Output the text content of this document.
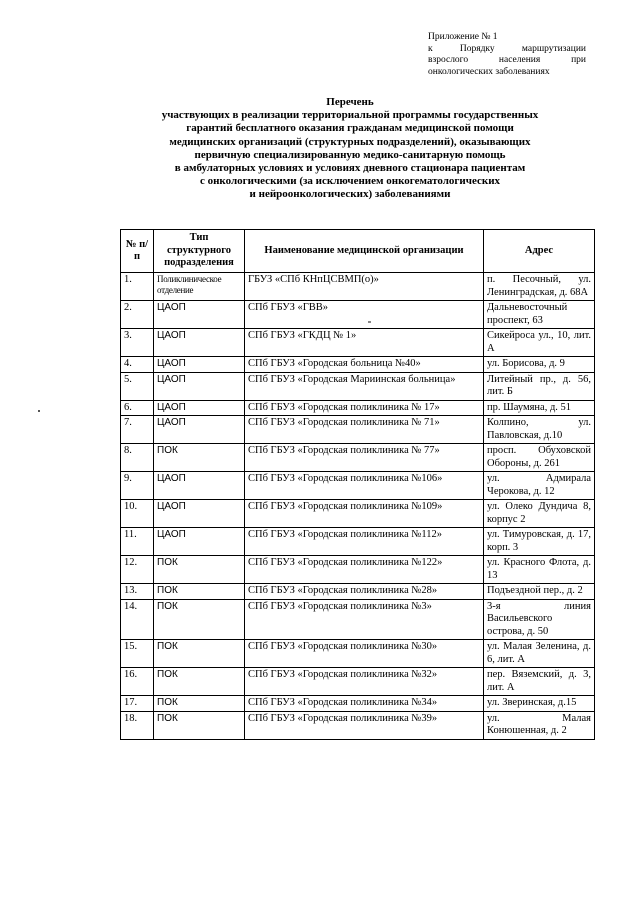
Приложение № 1
к Порядку маршрутизации
взрослого населения при
онкологических заболеваниях
Перечень
участвующих в реализации территориальной программы государственных
гарантий бесплатного оказания гражданам медицинской помощи
медицинских организаций (структурных подразделений), оказывающих
первичную специализированную медико-санитарную помощь
в амбулаторных условиях и условиях дневного стационара пациентам
с онкологическими (за исключением онкогематологических
и нейроонкологических) заболеваниями
№ п/п	Тип структурного подразделения	Наименование медицинской организации	Адрес
1.	Поликлиническое отделение	ГБУЗ «СПб КНпЦСВМП(о)»	п. Песочный, ул. Ленинградская, д. 68А
2.	ЦАОП	СПб ГБУЗ «ГВВ»	Дальневосточный проспект, 63
3.	ЦАОП	СПб ГБУЗ «ГКДЦ № 1»	Сикейроса ул., 10, лит. А
4.	ЦАОП	СПб ГБУЗ «Городская больница №40»	ул. Борисова, д. 9
5.	ЦАОП	СПб ГБУЗ «Городская Мариинская больница»	Литейный пр., д. 56, лит. Б
6.	ЦАОП	СПб ГБУЗ «Городская поликлиника № 17»	пр. Шаумяна, д. 51
7.	ЦАОП	СПб ГБУЗ «Городская поликлиника № 71»	Колпино, ул. Павловская, д.10
8.	ПОК	СПб ГБУЗ «Городская поликлиника № 77»	просп. Обуховской Обороны, д. 261
9.	ЦАОП	СПб ГБУЗ «Городская поликлиника №106»	ул. Адмирала Черокова, д. 12
10.	ЦАОП	СПб ГБУЗ «Городская поликлиника №109»	ул. Олеко Дундича 8, корпус 2
11.	ЦАОП	СПб ГБУЗ «Городская поликлиника №112»	ул. Тимуровская, д. 17, корп. 3
12.	ПОК	СПб ГБУЗ «Городская поликлиника №122»	ул. Красного Флота, д. 13
13.	ПОК	СПб ГБУЗ «Городская поликлиника №28»	Подъездной пер., д. 2
14.	ПОК	СПб ГБУЗ «Городская поликлиника №3»	3-я линия Васильевского острова, д. 50
15.	ПОК	СПб ГБУЗ «Городская поликлиника №30»	ул. Малая Зеленина, д. 6, лит. А
16.	ПОК	СПб ГБУЗ «Городская поликлиника №32»	пер. Вяземский, д. 3, лит. А
17.	ПОК	СПб ГБУЗ «Городская поликлиника №34»	ул. Зверинская, д.15
18.	ПОК	СПб ГБУЗ «Городская поликлиника №39»	ул. Малая Конюшенная, д. 2
